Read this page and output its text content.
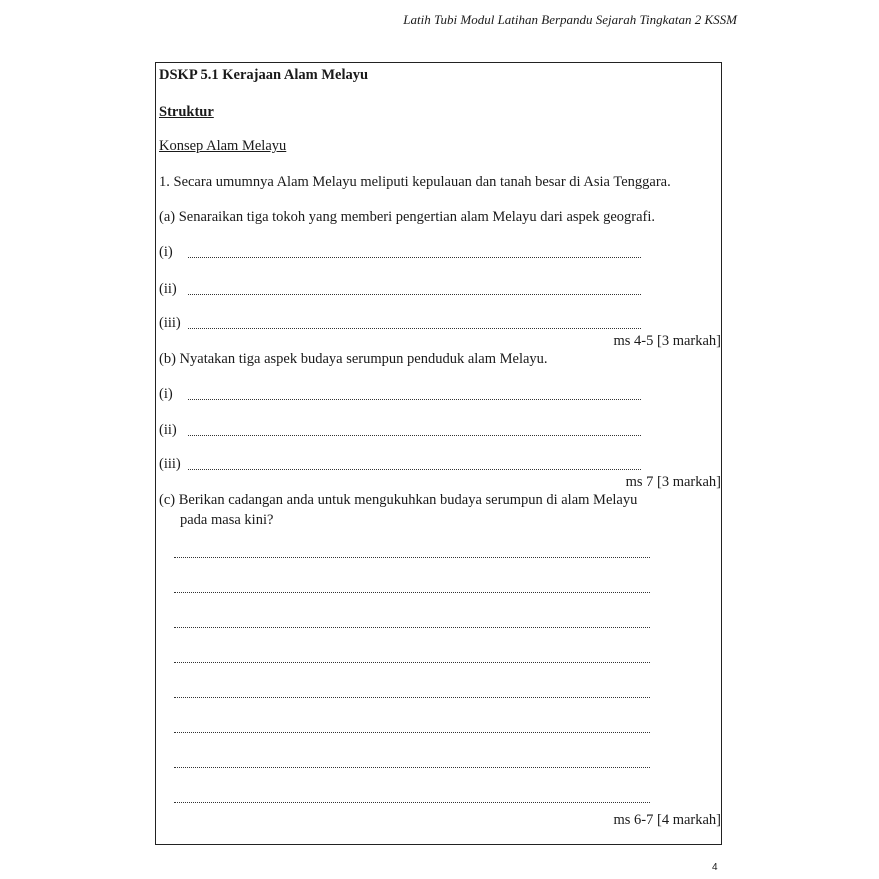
Latih Tubi Modul Latihan Berpandu Sejarah Tingkatan 2 KSSM
DSKP 5.1 Kerajaan Alam Melayu
Struktur
Konsep Alam Melayu
1. Secara umumnya Alam Melayu meliputi kepulauan dan tanah besar di Asia Tenggara.
(a) Senaraikan tiga tokoh yang memberi pengertian alam Melayu dari aspek geografi.
(i)
(ii)
(iii)
ms 4-5 [3 markah]
(b) Nyatakan tiga aspek budaya serumpun penduduk alam Melayu.
(i)
(ii)
(iii)
ms 7 [3 markah]
(c) Berikan cadangan anda untuk mengukuhkan budaya serumpun di alam Melayu
pada masa kini?
ms 6-7 [4 markah]
4
